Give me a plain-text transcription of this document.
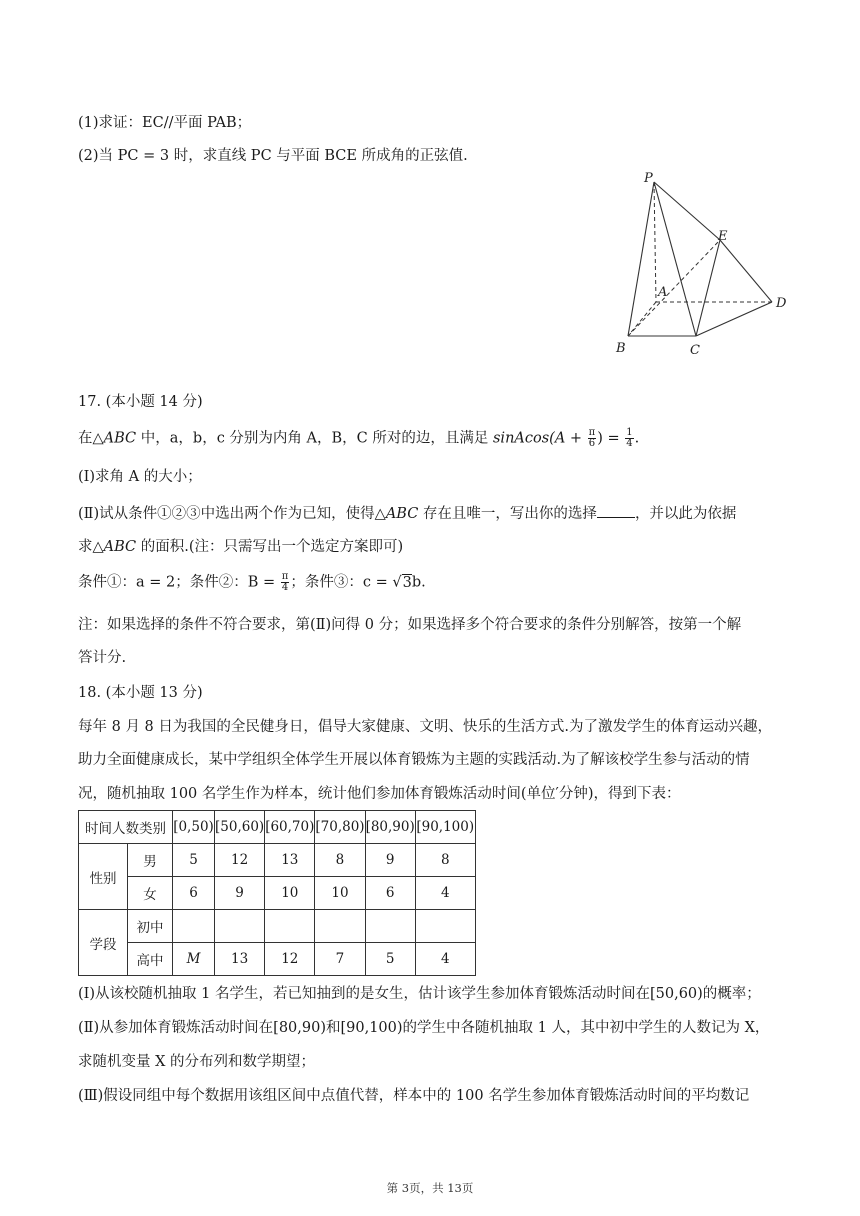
(1)求证：EC//平面 PAB；
(2)当 PC = 3 时，求直线 PC 与平面 BCE 所成角的正弦值.
P
E
A
D
B	C
17. (本小题 14 分)
在△ABC 中，a，b，c 分别为内角 A，B，C 所对的边，且满足 sinAcos(A + $\frac{\pi}{6}$ ) = $\frac{1}{4}$ .
(Ⅰ)求角 A 的大小；
(Ⅱ)试从条件①②③中选出两个作为已知，使得△ABC 存在且唯一，写出你的选择	，并以此为依据
求△ABC 的面积.(注：只需写出一个选定方案即可)
条件①：a = 2；条件②：$B = \frac{\pi}{4}$ ；条件③：c = √3b.
注：如果选择的条件不符合要求，第(Ⅱ)问得 0 分；如果选择多个符合要求的条件分别解答，按第一个解
答计分.
18. (本小题 13 分)
每年 8 月 8 日为我国的全民健身日，倡导大家健康、文明、快乐的生活方式.为了激发学生的体育运动兴趣，
助力全面健康成长，某中学组织全体学生开展以体育锻炼为主题的实践活动.为了解该校学生参与活动的情
况，随机抽取 100 名学生作为样本，统计他们参加体育锻炼活动时间(单位′分钟)，得到下表：
时间人数类别		[0,50)	[50,60)	[60,70)	[70,80)	[80,90)	[90,100)
性别	男	5	12	13	8	9	8
	女	6	9	10	10	6	4
学段	初中						
	高中	M	13	12	7	5	4
(Ⅰ)从该校随机抽取 1 名学生，若已知抽到的是女生，估计该学生参加体育锻炼活动时间在[50,60)的概率；
(Ⅱ)从参加体育锻炼活动时间在[80,90)和[90,100)的学生中各随机抽取 1 人，其中初中学生的人数记为 X，
求随机变量 X 的分布列和数学期望；
(Ⅲ)假设同组中每个数据用该组区间中点值代替，样本中的 100 名学生参加体育锻炼活动时间的平均数记
第 3页，共 13页
